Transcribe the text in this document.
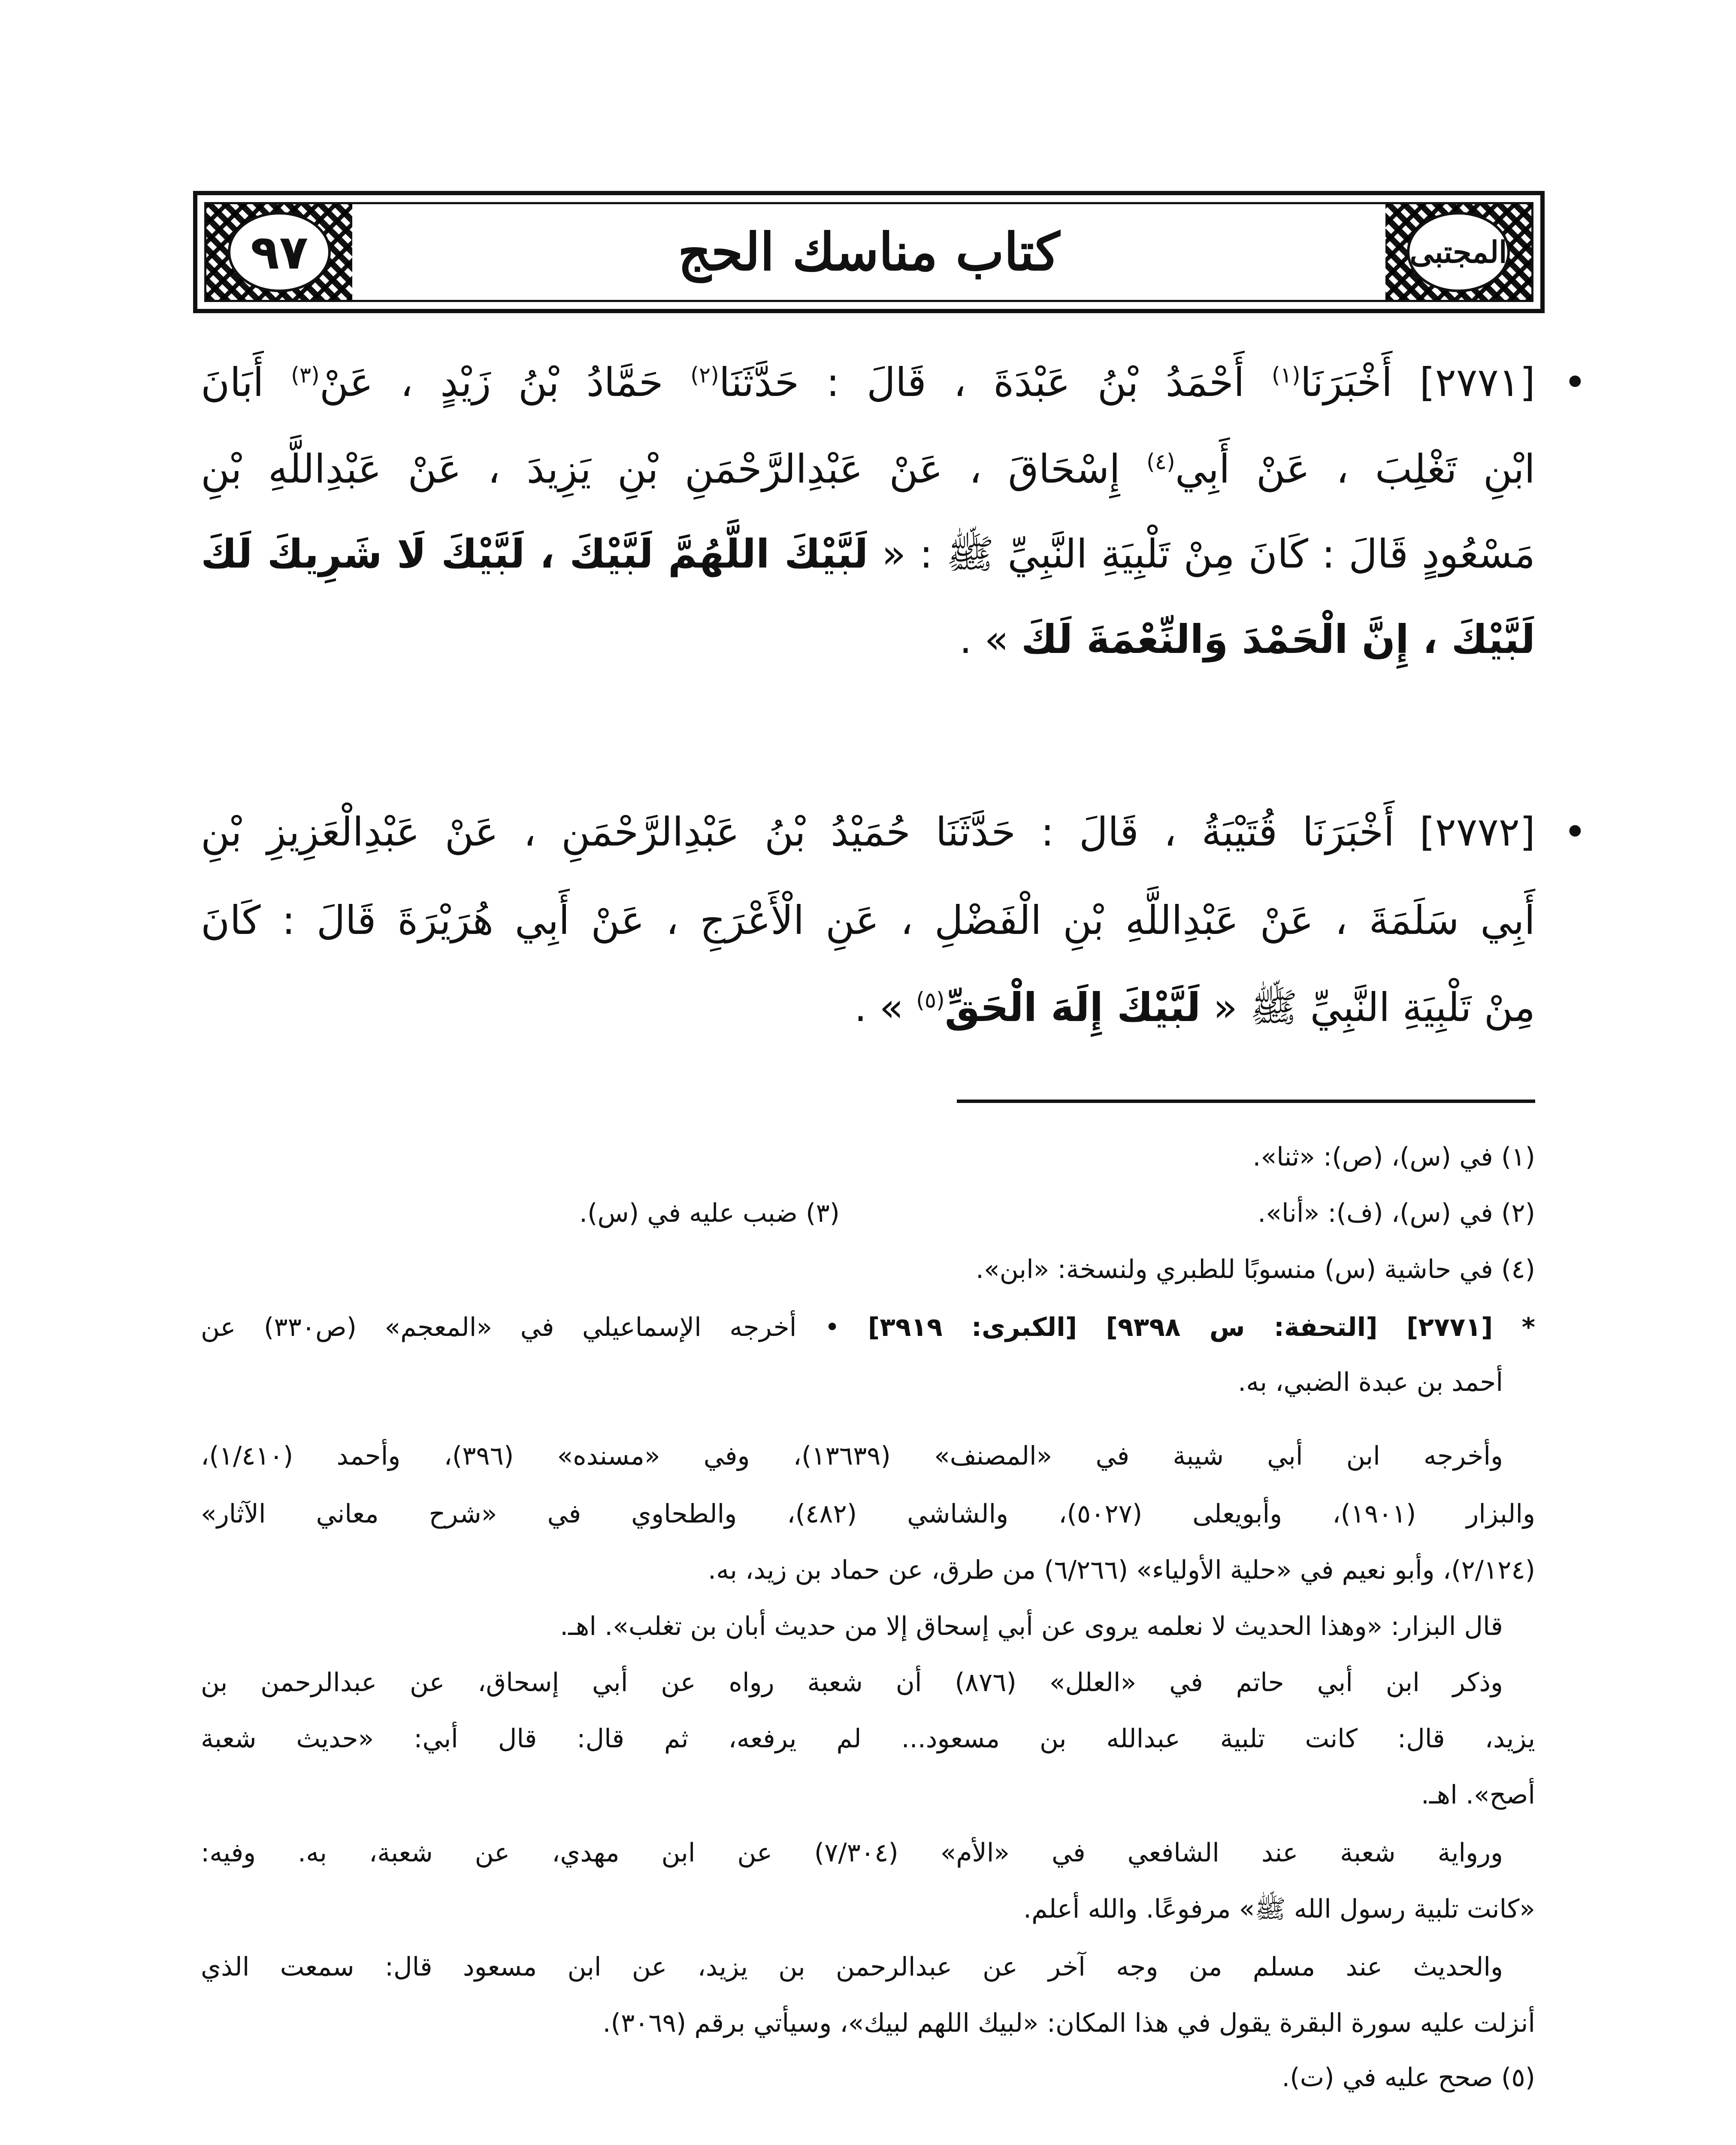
٩٧	كتاب مناسك الحج	المجتبى
[٢٧٧١] أَخْبَرَنَا$^{(١)}$ أَحْمَدُ بْنُ عَبْدَةَ ، قَالَ : حَدَّثَنَا$^{(٢)}$ حَمَّادُ بْنُ زَيْدٍ ، عَنْ$^{(٣)}$ أَبَانَ	•
ابْنِ تَغْلِبَ ، عَنْ أَبِي$^{(٤)}$ إِسْحَاقَ ، عَنْ عَبْدِالرَّحْمَنِ بْنِ يَزِيدَ ، عَنْ عَبْدِاللَّهِ بْنِ
مَسْعُودٍ قَالَ : كَانَ مِنْ تَلْبِيَةِ النَّبِيِّ ﷺ : « لَبَّيْكَ اللَّهُمَّ لَبَّيْكَ ، لَبَّيْكَ لَا شَرِيكَ لَكَ
لَبَّيْكَ ، إِنَّ الْحَمْدَ وَالنِّعْمَةَ لَكَ » .
[٢٧٧٢] أَخْبَرَنَا قُتَيْبَةُ ، قَالَ : حَدَّثَنَا حُمَيْدُ بْنُ عَبْدِالرَّحْمَنِ ، عَنْ عَبْدِالْعَزِيزِ بْنِ •
أَبِي سَلَمَةَ ، عَنْ عَبْدِاللَّهِ بْنِ الْفَضْلِ ، عَنِ الْأَعْرَجِ ، عَنْ أَبِي هُرَيْرَةَ قَالَ : كَانَ
مِنْ تَلْبِيَةِ النَّبِيِّ ﷺ « لَبَّيْكَ إِلَهَ الْحَقِّ$^{(٥)}$ » .
* [٢٧٧١] [التحفة: س ٩٣٩٨] [الكبرى: ٣٩١٩] • أخرجه الإسماعيلي في «المعجم» (ص٣٣٠) عن
أحمد بن عبدة الضبي، به.
وأخرجه ابن أبي شيبة في «المصنف» (١٣٦٣٩)، وفي «مسنده» (٣٩٦)، وأحمد (١/٤١٠)،
والبزار (١٩٠١)، وأبويعلى (٥٠٢٧)، والشاشي (٤٨٢)، والطحاوي في «شرح معاني الآثار»
(٢/١٢٤)، وأبو نعيم في «حلية الأولياء» (٦/٢٦٦) من طرق، عن حماد بن زيد، به.
قال البزار: «وهذا الحديث لا نعلمه يروى عن أبي إسحاق إلا من حديث أبان بن تغلب». اهـ.
وذكر ابن أبي حاتم في «العلل» (٨٧٦) أن شعبة رواه عن أبي إسحاق، عن عبدالرحمن بن
يزيد، قال: كانت تلبية عبدالله بن مسعود... لم يرفعه، ثم قال: قال أبي: «حديث شعبة
أصح». اهـ.
ورواية شعبة عند الشافعي في «الأم» (٧/٣٠٤) عن ابن مهدي، عن شعبة، به. وفيه:
«كانت تلبية رسول الله ﷺ» مرفوعًا. والله أعلم.
والحديث عند مسلم من وجه آخر عن عبدالرحمن بن يزيد، عن ابن مسعود قال: سمعت الذي
أنزلت عليه سورة البقرة يقول في هذا المكان: «لبيك اللهم لبيك»، وسيأتي برقم (٣٠٦٩).
(٥) صحح عليه في (ت).
(١) في (س)، (ص): «ثنا».
(٢) في (س)، (ف): «أنا».
(٣) ضبب عليه في (س).
(٤) في حاشية (س) منسوبًا للطبري ولنسخة: «ابن».
